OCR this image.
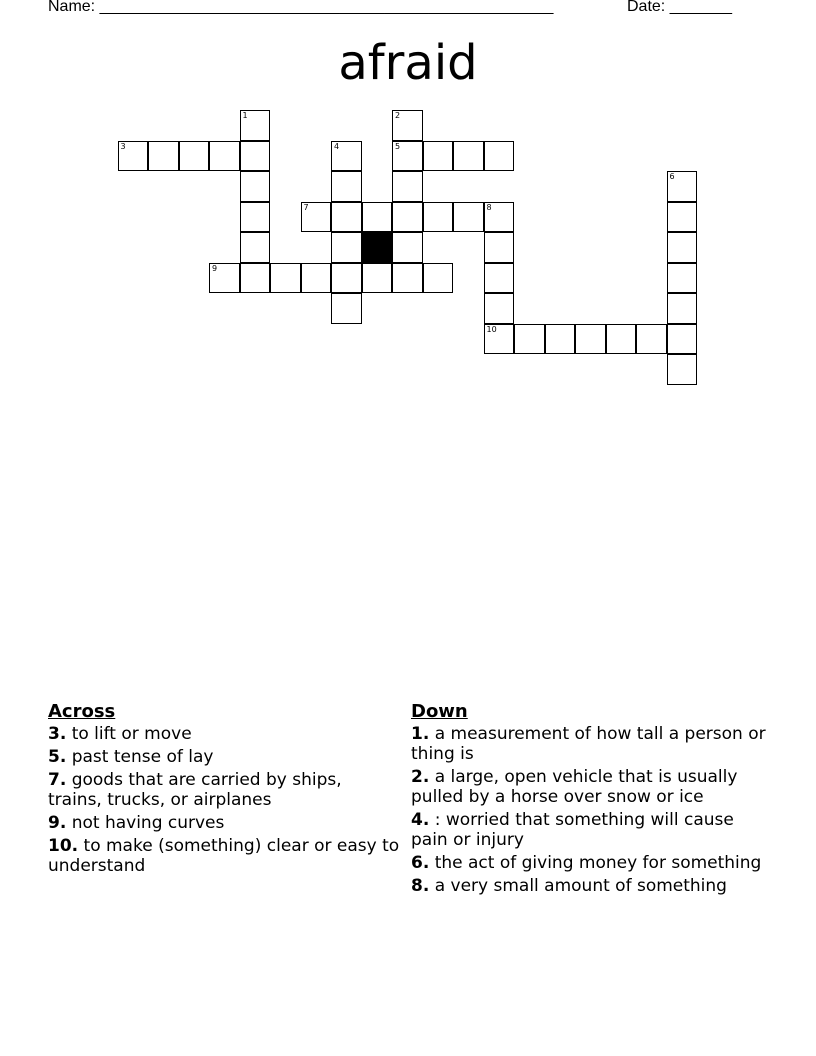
Name: ___________________________________________________	Date: _______
afraid
1	2
3	4	5
6
7	8
9
10
Across
3. to lift or move
5. past tense of lay
7. goods that are carried by ships, trains, trucks, or airplanes
9. not having curves
10. to make (something) clear or easy to understand
Down
1. a measurement of how tall a person or thing is
2. a large, open vehicle that is usually pulled by a horse over snow or ice
4. : worried that something will cause pain or injury
6. the act of giving money for something
8. a very small amount of something
